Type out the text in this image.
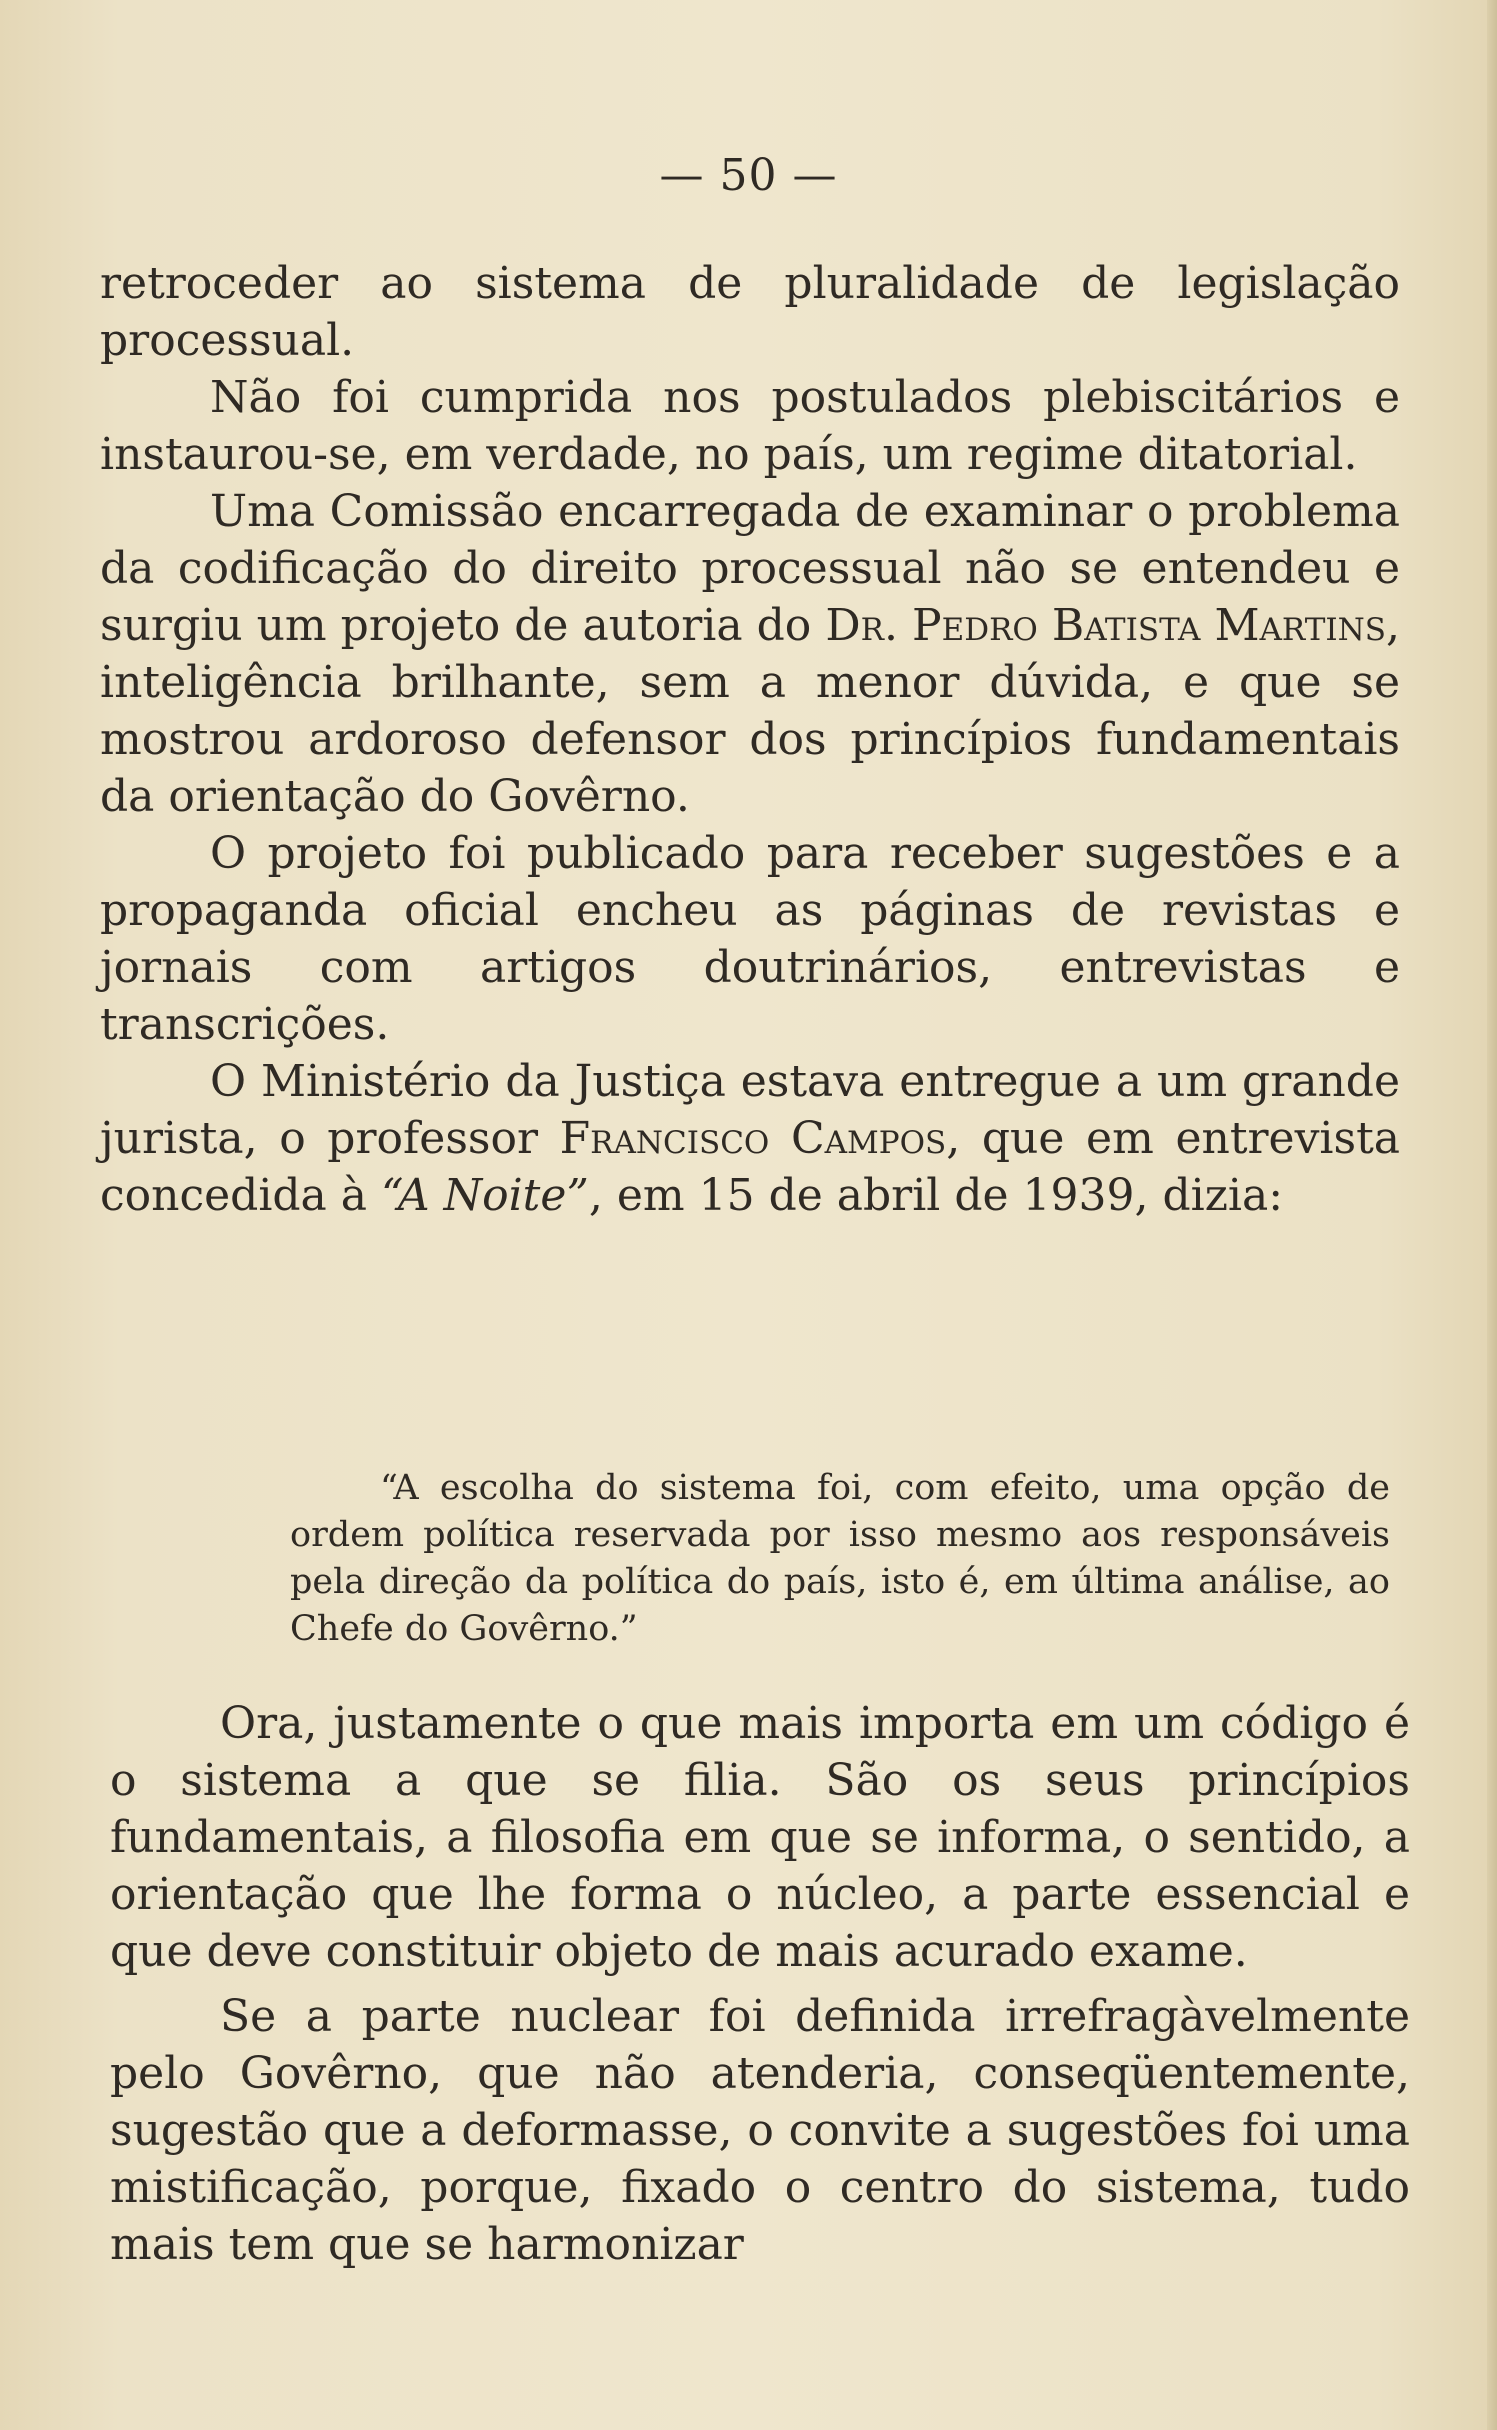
— 50 —

retroceder ao sistema de pluralidade de legislação processual.

Não foi cumprida nos postulados plebiscitários e instaurou-se, em verdade, no país, um regime ditatorial.

Uma Comissão encarregada de examinar o problema da codificação do direito processual não se entendeu e surgiu um projeto de autoria do Dr. Pedro Batista Martins, inteligência brilhante, sem a menor dúvida, e que se mostrou ardoroso defensor dos princípios fundamentais da orientação do Govêrno.

O projeto foi publicado para receber sugestões e a propaganda oficial encheu as páginas de revistas e jornais com artigos doutrinários, entrevistas e transcrições.

O Ministério da Justiça estava entregue a um grande jurista, o professor Francisco Campos, que em entrevista concedida à “A Noite”, em 15 de abril de 1939, dizia:

“A escolha do sistema foi, com efeito, uma opção de ordem política reservada por isso mesmo aos responsáveis pela direção da política do país, isto é, em última análise, ao Chefe do Govêrno.”

Ora, justamente o que mais importa em um código é o sistema a que se filia. São os seus princípios fundamentais, a filosofia em que se informa, o sentido, a orientação que lhe forma o núcleo, a parte essencial e que deve constituir objeto de mais acurado exame.

Se a parte nuclear foi definida irrefragàvelmente pelo Govêrno, que não atenderia, conseqüentemente, sugestão que a deformasse, o convite a sugestões foi uma mistificação, porque, fixado o centro do sistema, tudo mais tem que se harmonizar
